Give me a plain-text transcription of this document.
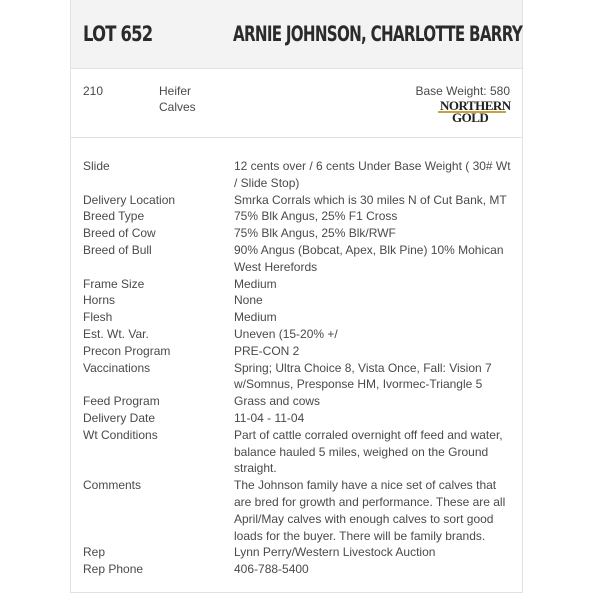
LOT 652	ARNIE JOHNSON, CHARLOTTE BARRY
210	Heifer Calves
Base Weight: 580
NORTHERN
GOLD
Slide	12 cents over / 6 cents Under Base Weight ( 30# Wt / Slide Stop)
Delivery Location	Smrka Corrals which is 30 miles N of Cut Bank, MT
Breed Type	75% Blk Angus, 25% F1 Cross
Breed of Cow	75% Blk Angus, 25% Blk/RWF
Breed of Bull	90% Angus (Bobcat, Apex, Blk Pine) 10% Mohican West Herefords
Frame Size	Medium
Horns	None
Flesh	Medium
Est. Wt. Var.	Uneven (15-20% +/
Precon Program	PRE-CON 2
Vaccinations	Spring; Ultra Choice 8, Vista Once, Fall: Vision 7 w/Somnus, Presponse HM, Ivormec-Triangle 5
Feed Program	Grass and cows
Delivery Date	11-04 - 11-04
Wt Conditions	Part of cattle corraled overnight off feed and water, balance hauled 5 miles, weighed on the Ground straight.
Comments	The Johnson family have a nice set of calves that are bred for growth and performance. These are all April/May calves with enough calves to sort good loads for the buyer. There will be family brands.
Rep	Lynn Perry/Western Livestock Auction
Rep Phone	406-788-5400
